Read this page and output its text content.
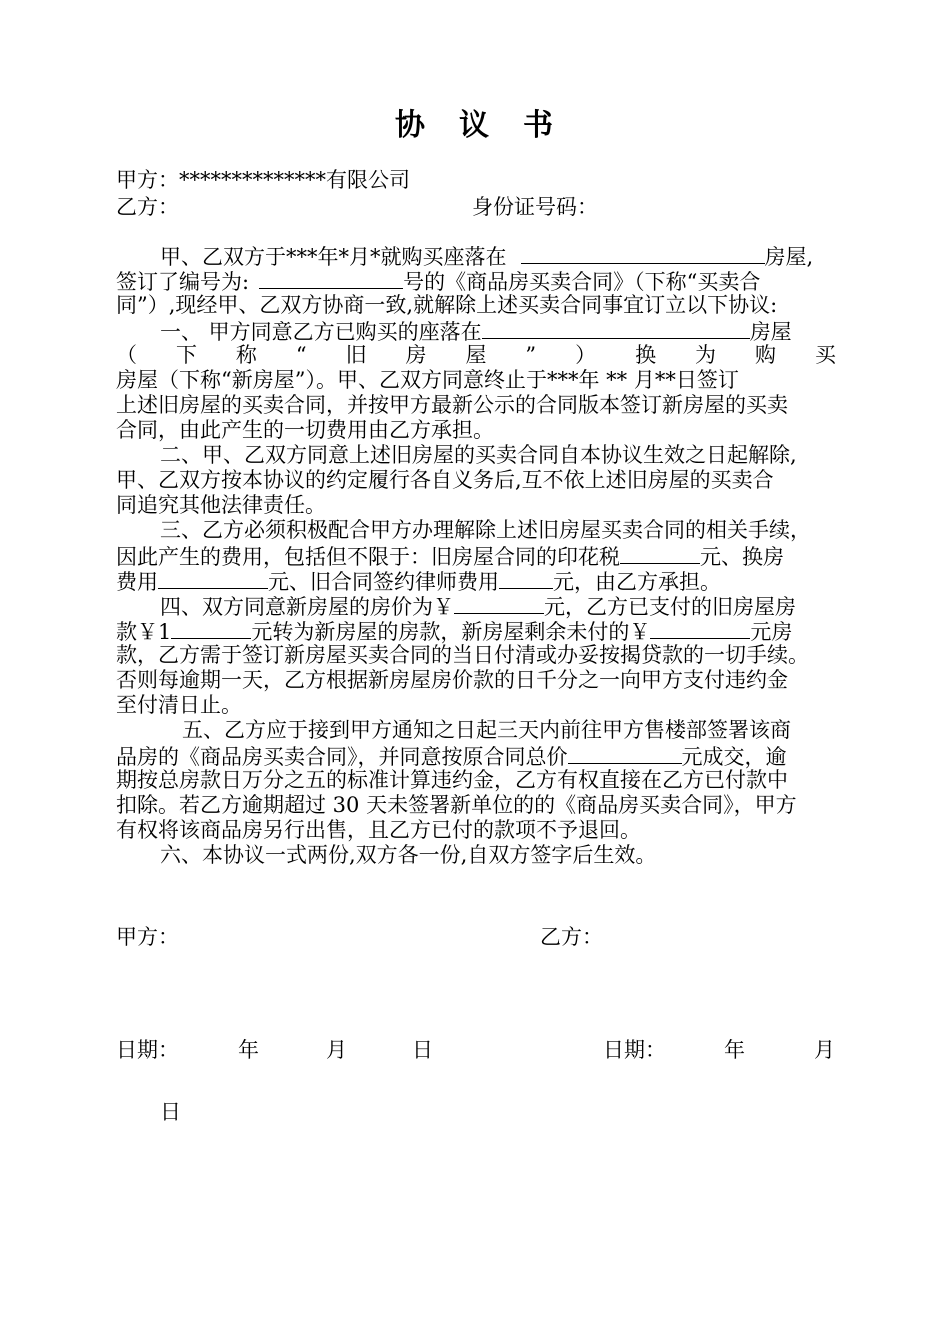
协　议　书

甲方：**************有限公司

乙方：	身份证号码：

甲、乙双方于***年*月*就购买座落在	房屋,

签订了编号为:	号的《商品房买卖合同》（下称“买卖合

同”）,现经甲、乙双方协商一致,就解除上述买卖合同事宜订立以下协议:

一、 甲方同意乙方已购买的座落在	房屋

（ 下 称 “ 旧 房 屋 ” ） 换 为 购 买

房屋（下称“新房屋”）。甲、乙双方同意终止于***年 ** 月**日签订

上述旧房屋的买卖合同，并按甲方最新公示的合同版本签订新房屋的买卖

合同，由此产生的一切费用由乙方承担。

二、甲、乙双方同意上述旧房屋的买卖合同自本协议生效之日起解除,

甲、乙双方按本协议的约定履行各自义务后,互不依上述旧房屋的买卖合

同追究其他法律责任。

三、乙方必须积极配合甲方办理解除上述旧房屋买卖合同的相关手续，

因此产生的费用，包括但不限于：旧房屋合同的印花税	元、换房

费用	元、旧合同签约律师费用	元，由乙方承担。

四、双方同意新房屋的房价为￥	元，乙方已支付的旧房屋房

款￥1	元转为新房屋的房款，新房屋剩余未付的￥	元房

款，乙方需于签订新房屋买卖合同的当日付清或办妥按揭贷款的一切手续。

否则每逾期一天，乙方根据新房屋房价款的日千分之一向甲方支付违约金

至付清日止。

五、乙方应于接到甲方通知之日起三天内前往甲方售楼部签署该商

品房的《商品房买卖合同》，并同意按原合同总价	元成交，逾

期按总房款日万分之五的标准计算违约金，乙方有权直接在乙方已付款中

扣除。若乙方逾期超过 30 天未签署新单位的的《商品房买卖合同》，甲方

有权将该商品房另行出售，且乙方已付的款项不予退回。

六、本协议一式两份,双方各一份,自双方签字后生效。

甲方：	乙方：

日期：	年	月	日	日期：	年	月

日
